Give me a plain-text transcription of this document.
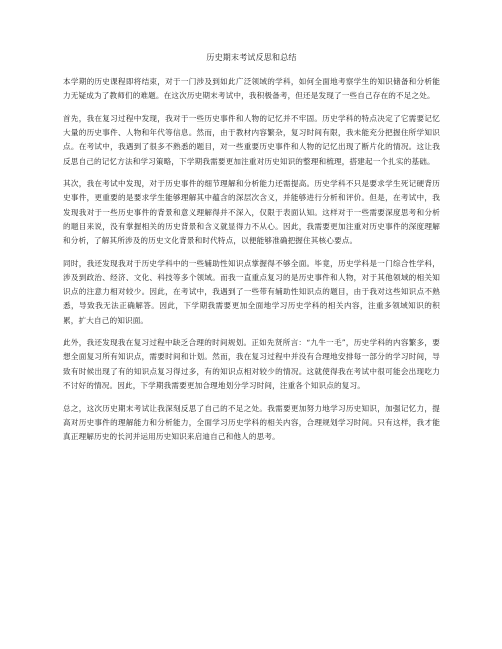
历史期末考试反思和总结

本学期的历史课程即将结束，对于一门涉及到如此广泛领域的学科，如何全面地考察学生的知识储备和分析能力无疑成为了教师们的难题。在这次历史期末考试中，我积极备考，但还是发现了一些自己存在的不足之处。

首先，我在复习过程中发现，我对于一些历史事件和人物的记忆并不牢固。历史学科的特点决定了它需要记忆大量的历史事件、人物和年代等信息。然而，由于教材内容繁杂，复习时间有限，我未能充分把握住所学知识点。在考试中，我遇到了很多不熟悉的题目，对一些重要历史事件和人物的记忆出现了断片化的情况。这让我反思自己的记忆方法和学习策略，下学期我需要更加注重对历史知识的整理和梳理，搭建起一个扎实的基础。

其次，我在考试中发现，对于历史事件的细节理解和分析能力还需提高。历史学科不只是要求学生死记硬背历史事件，更重要的是要求学生能够理解其中蕴含的深层次含义，并能够进行分析和评价。但是，在考试中，我发现我对于一些历史事件的背景和意义理解得并不深入，仅限于表面认知。这样对于一些需要深度思考和分析的题目来说，没有掌握相关的历史背景和含义就显得力不从心。因此，我需要更加注重对历史事件的深度理解和分析，了解其所涉及的历史文化背景和时代特点，以便能够准确把握住其核心要点。

同时，我还发现我对于历史学科中的一些辅助性知识点掌握得不够全面。毕竟，历史学科是一门综合性学科，涉及到政治、经济、文化、科技等多个领域。而我一直重点复习的是历史事件和人物，对于其他领域的相关知识点的注意力相对较少。因此，在考试中，我遇到了一些带有辅助性知识点的题目，由于我对这些知识点不熟悉，导致我无法正确解答。因此，下学期我需要更加全面地学习历史学科的相关内容，注重多领域知识的积累，扩大自己的知识面。

此外，我还发现我在复习过程中缺乏合理的时间规划。正如先贤所言：“九牛一毛”，历史学科的内容繁多，要想全面复习所有知识点，需要时间和计划。然而，我在复习过程中并没有合理地安排每一部分的学习时间，导致有时候出现了有的知识点复习得过多，有的知识点相对较少的情况。这就使得我在考试中很可能会出现吃力不讨好的情况。因此，下学期我需要更加合理地划分学习时间，注重各个知识点的复习。

总之，这次历史期末考试让我深刻反思了自己的不足之处。我需要更加努力地学习历史知识，加强记忆力，提高对历史事件的理解能力和分析能力，全面学习历史学科的相关内容，合理规划学习时间。只有这样，我才能真正理解历史的长河并运用历史知识来启迪自己和他人的思考。
